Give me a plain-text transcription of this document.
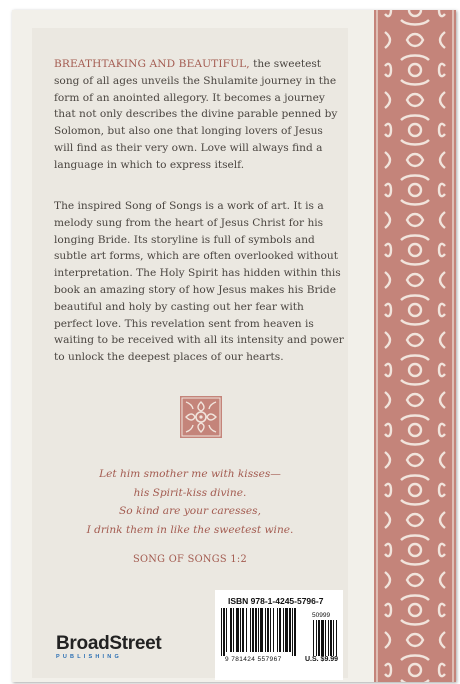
BREATHTAKING AND BEAUTIFUL, the sweetest song of all ages unveils the Shulamite journey in the form of an anointed allegory. It becomes a journey that not only describes the divine parable penned by Solomon, but also one that longing lovers of Jesus will find as their very own. Love will always find a language in which to express itself.

The inspired Song of Songs is a work of art. It is a melody sung from the heart of Jesus Christ for his longing Bride. Its storyline is full of symbols and subtle art forms, which are often overlooked without interpretation. The Holy Spirit has hidden within this book an amazing story of how Jesus makes his Bride beautiful and holy by casting out her fear with perfect love. This revelation sent from heaven is waiting to be received with all its intensity and power to unlock the deepest places of our hearts.

Let him smother me with kisses—
his Spirit-kiss divine.
So kind are your caresses,
I drink them in like the sweetest wine.
SONG OF SONGS 1:2
BroadStreet
PUBLISHING
ISBN 978-1-4245-5796-7
50999
9 781424 557967	U.S. $9.99
